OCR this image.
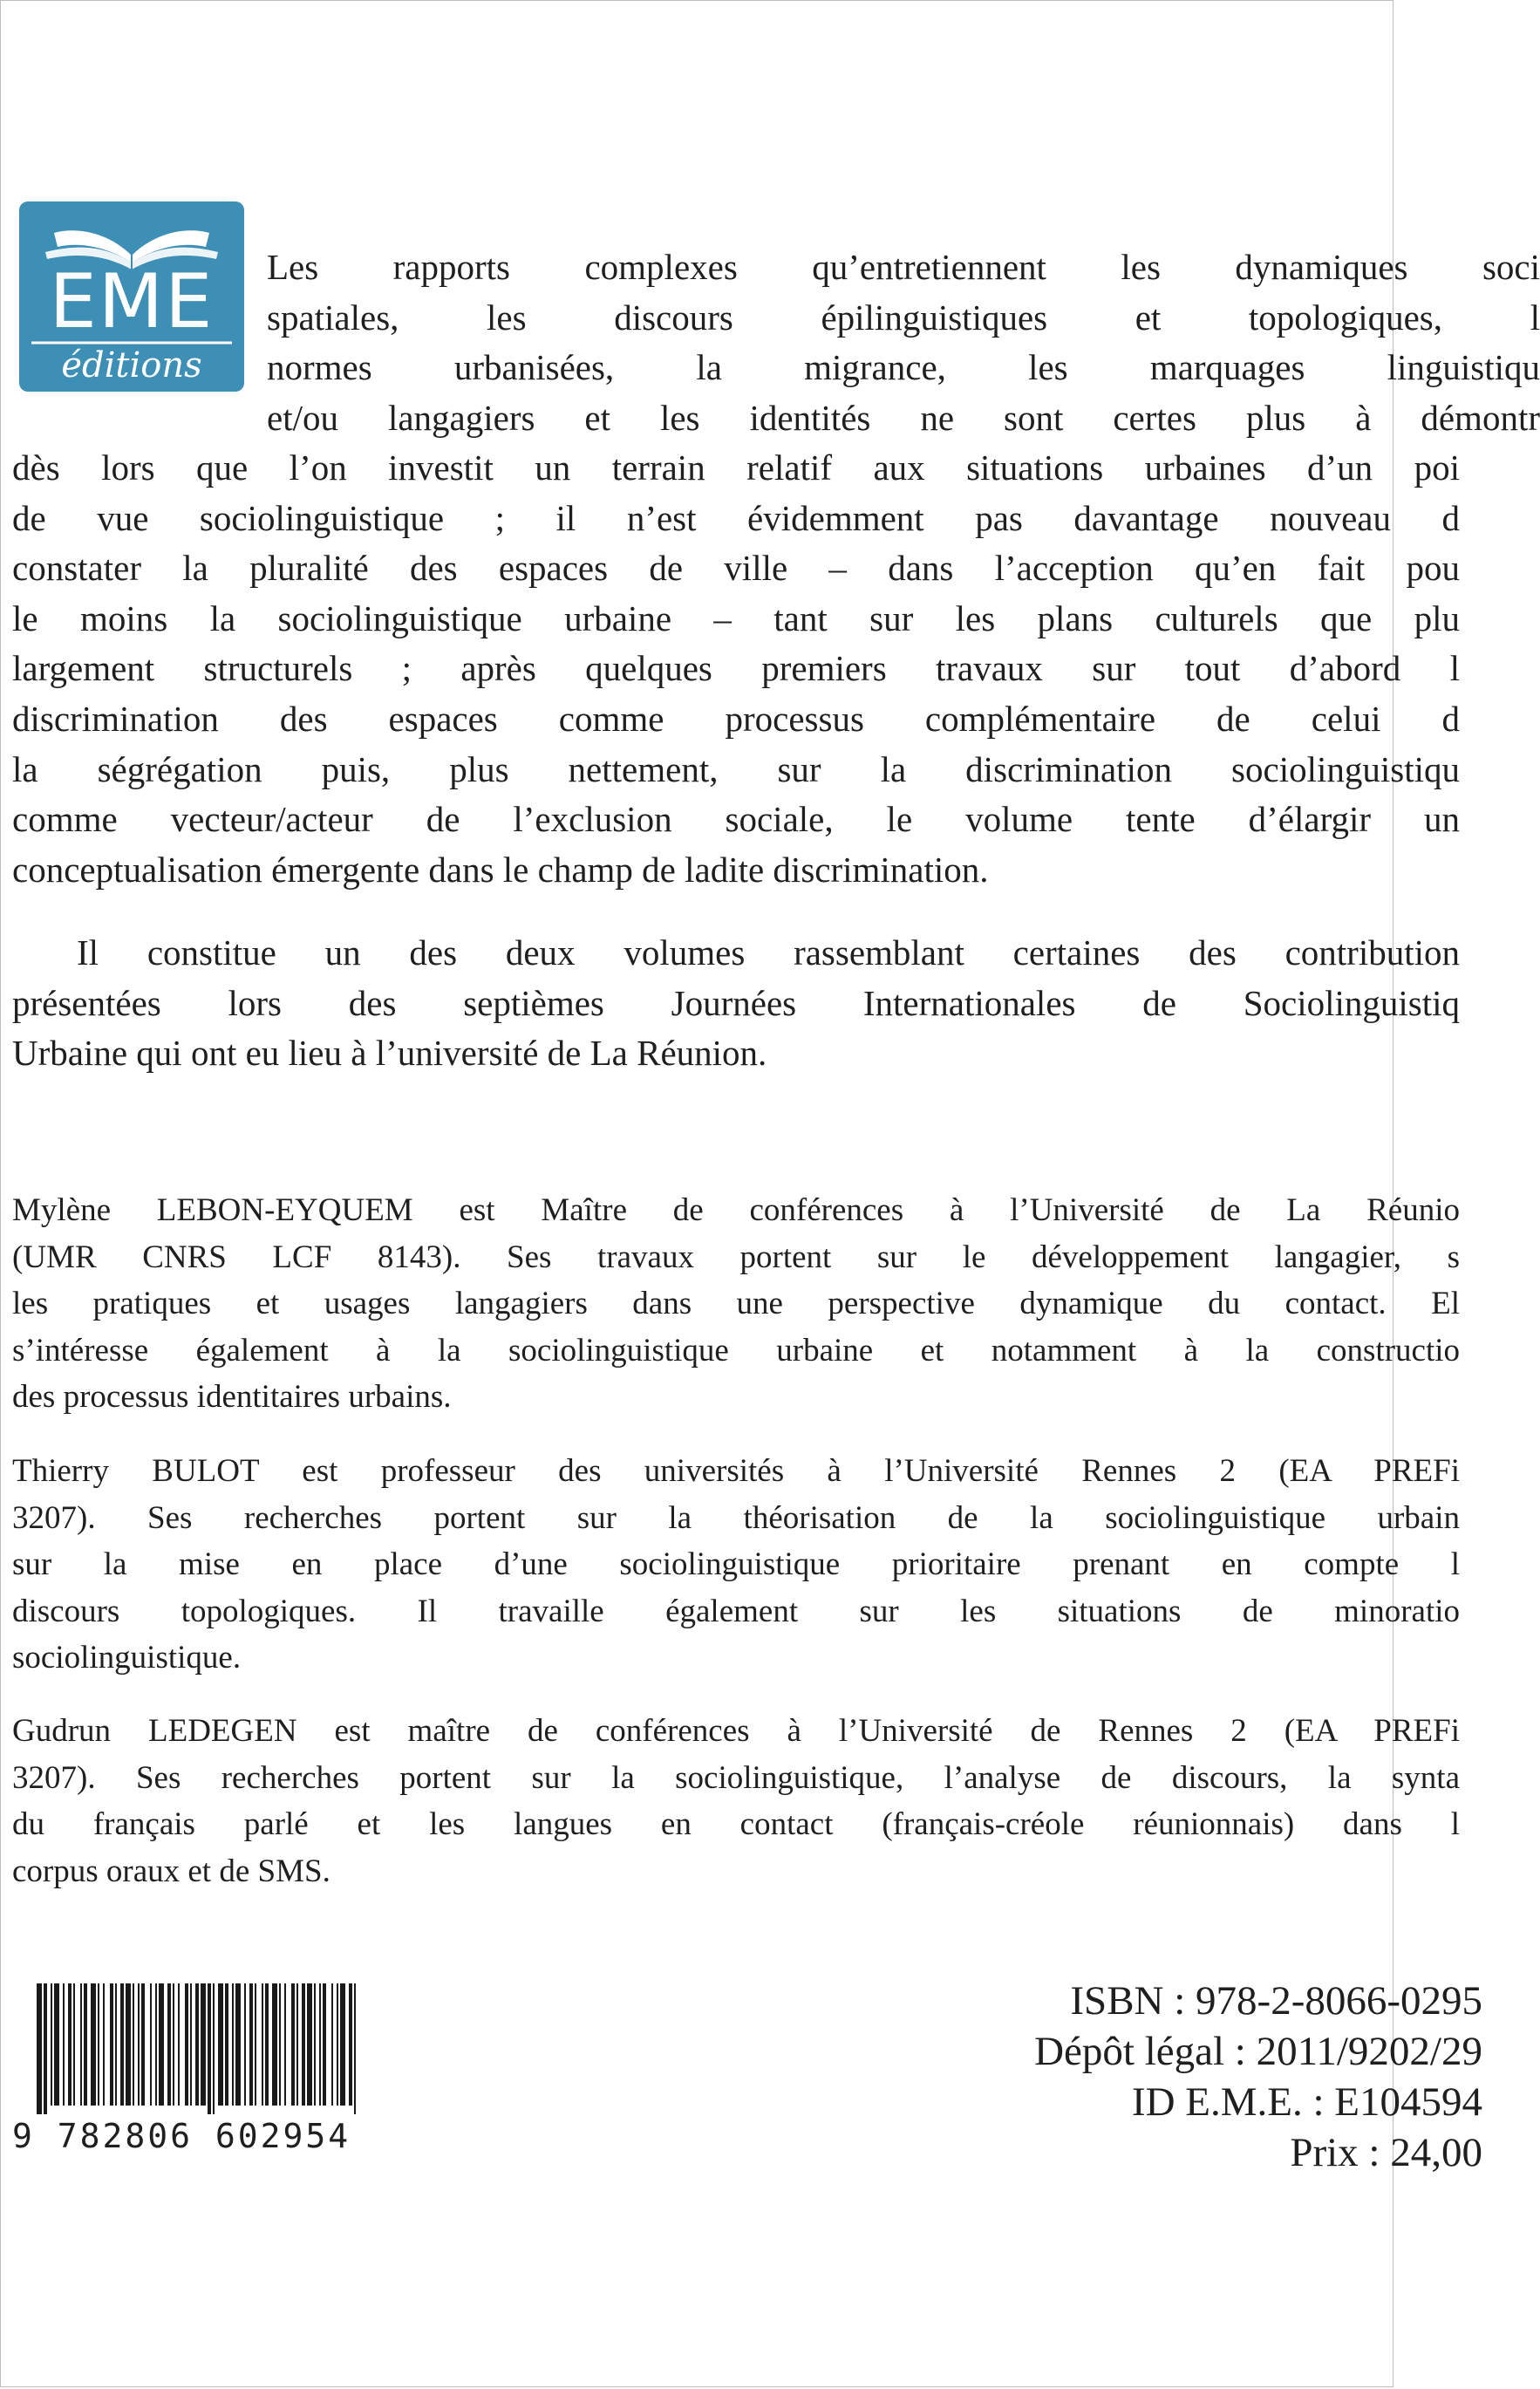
EME
éditions
Les rapports complexes qu’entretiennent les dynamiques soci
spatiales, les discours épilinguistiques et topologiques, l
normes urbanisées, la migrance, les marquages linguistiqu
et/ou langagiers et les identités ne sont certes plus à démontr
dès lors que l’on investit un terrain relatif aux situations urbaines d’un poi
de vue sociolinguistique ; il n’est évidemment pas davantage nouveau d
constater la pluralité des espaces de ville – dans l’acception qu’en fait pou
le moins la sociolinguistique urbaine – tant sur les plans culturels que plu
largement structurels ; après quelques premiers travaux sur tout d’abord l
discrimination des espaces comme processus complémentaire de celui d
la ségrégation puis, plus nettement, sur la discrimination sociolinguistiqu
comme vecteur/acteur de l’exclusion sociale, le volume tente d’élargir un
conceptualisation émergente dans le champ de ladite discrimination.
Il constitue un des deux volumes rassemblant certaines des contribution
présentées lors des septièmes Journées Internationales de Sociolinguistiq
Urbaine qui ont eu lieu à l’université de La Réunion.
Mylène LEBON-EYQUEM est Maître de conférences à l’Université de La Réunio
(UMR CNRS LCF 8143). Ses travaux portent sur le développement langagier, s
les pratiques et usages langagiers dans une perspective dynamique du contact. El
s’intéresse également à la sociolinguistique urbaine et notamment à la constructio
des processus identitaires urbains.
Thierry BULOT est professeur des universités à l’Université Rennes 2 (EA PREFi
3207). Ses recherches portent sur la théorisation de la sociolinguistique urbain
sur la mise en place d’une sociolinguistique prioritaire prenant en compte l
discours topologiques. Il travaille également sur les situations de minoratio
sociolinguistique.
Gudrun LEDEGEN est maître de conférences à l’Université de Rennes 2 (EA PREFi
3207). Ses recherches portent sur la sociolinguistique, l’analyse de discours, la synta
du français parlé et les langues en contact (français-créole réunionnais) dans l
corpus oraux et de SMS.
9 782806 602954
ISBN : 978-2-8066-0295
Dépôt légal : 2011/9202/29
ID E.M.E. : E104594
Prix : 24,00
